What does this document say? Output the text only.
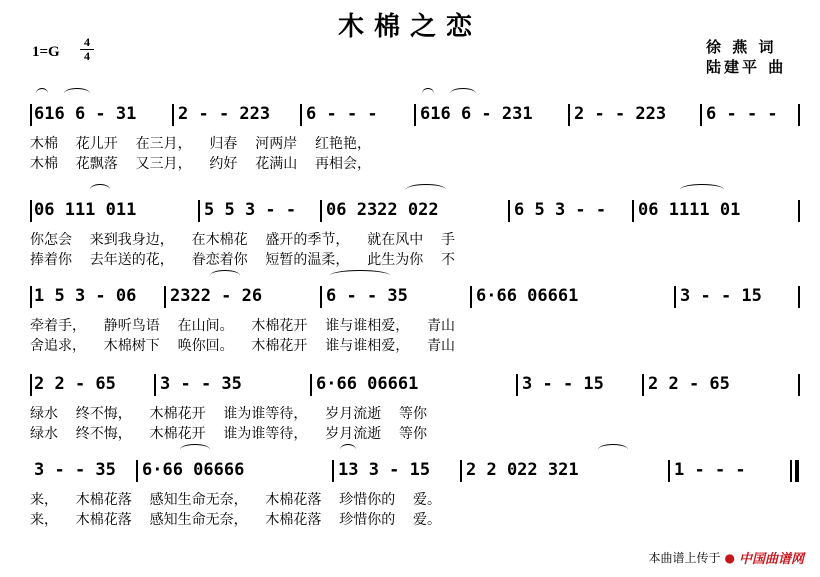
木棉之恋
1=G
4
4	徐 燕 词
陆建平 曲
616 6 - 31	2 - - 223	6 - - -	616 6 - 231	2 - - 223	6 - - -
木棉    花儿开    在三月，    归春    河两岸    红艳艳，
木棉    花飘落    又三月，    约好    花满山    再相会，
06 111 011	5 5 3 - -	06 2322 022	6 5 3 - -	06 1111 01
你怎会    来到我身边，    在木棉花    盛开的季节，    就在风中    手
捧着你    去年送的花，    眷恋着你    短暂的温柔，    此生为你    不
1 5 3 - 06	2322 - 26	6 - - 35	6·66 06661	3 - - 15
牵着手，    静听鸟语    在山间。    木棉花开    谁与谁相爱，    青山
舍追求，    木棉树下    唤你回。    木棉花开    谁与谁相爱，    青山
2 2 - 65	3 - - 35	6·66 06661	3 - - 15	2 2 - 65
绿水    终不悔，    木棉花开    谁为谁等待，    岁月流逝    等你
绿水    终不悔，    木棉花开    谁为谁等待，    岁月流逝    等你
3 - - 35	6·66 06666	13 3 - 15	2 2 022 321	1 - - -
来，    木棉花落    感知生命无奈，    木棉花落    珍惜你的    爱。
来，    木棉花落    感知生命无奈，    木棉花落    珍惜你的    爱。
本曲谱上传于 ● 中国曲谱网
